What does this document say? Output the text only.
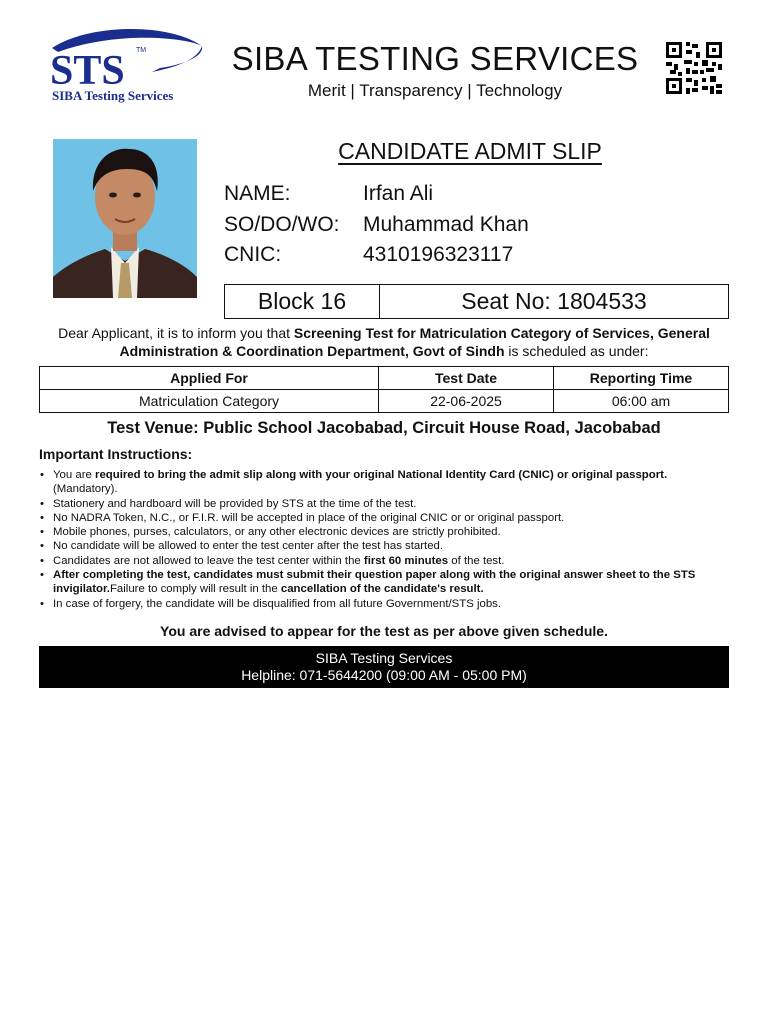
STS TM
SIBA Testing Services
SIBA TESTING SERVICES
Merit | Transparency | Technology
CANDIDATE ADMIT SLIP
NAME:	Irfan Ali
SO/DO/WO: Muhammad Khan
CNIC:	4310196323117
Block 16	Seat No: 1804533
Dear Applicant, it is to inform you that Screening Test for Matriculation Category of Services, General Administration & Coordination Department, Govt of Sindh is scheduled as under:
Applied For	Test Date	Reporting Time
Matriculation Category	22-06-2025	06:00 am
Test Venue: Public School Jacobabad, Circuit House Road, Jacobabad
Important Instructions:
• You are required to bring the admit slip along with your original National Identity Card (CNIC) or original passport.
(Mandatory).
• Stationery and hardboard will be provided by STS at the time of the test.
• No NADRA Token, N.C., or F.I.R. will be accepted in place of the original CNIC or or original passport.
• Mobile phones, purses, calculators, or any other electronic devices are strictly prohibited.
• No candidate will be allowed to enter the test center after the test has started.
• Candidates are not allowed to leave the test center within the first 60 minutes of the test.
• After completing the test, candidates must submit their question paper along with the original answer sheet to the STS invigilator.Failure to comply will result in the cancellation of the candidate's result.
• In case of forgery, the candidate will be disqualified from all future Government/STS jobs.
You are advised to appear for the test as per above given schedule.
SIBA Testing Services
Helpline: 071-5644200 (09:00 AM - 05:00 PM)
